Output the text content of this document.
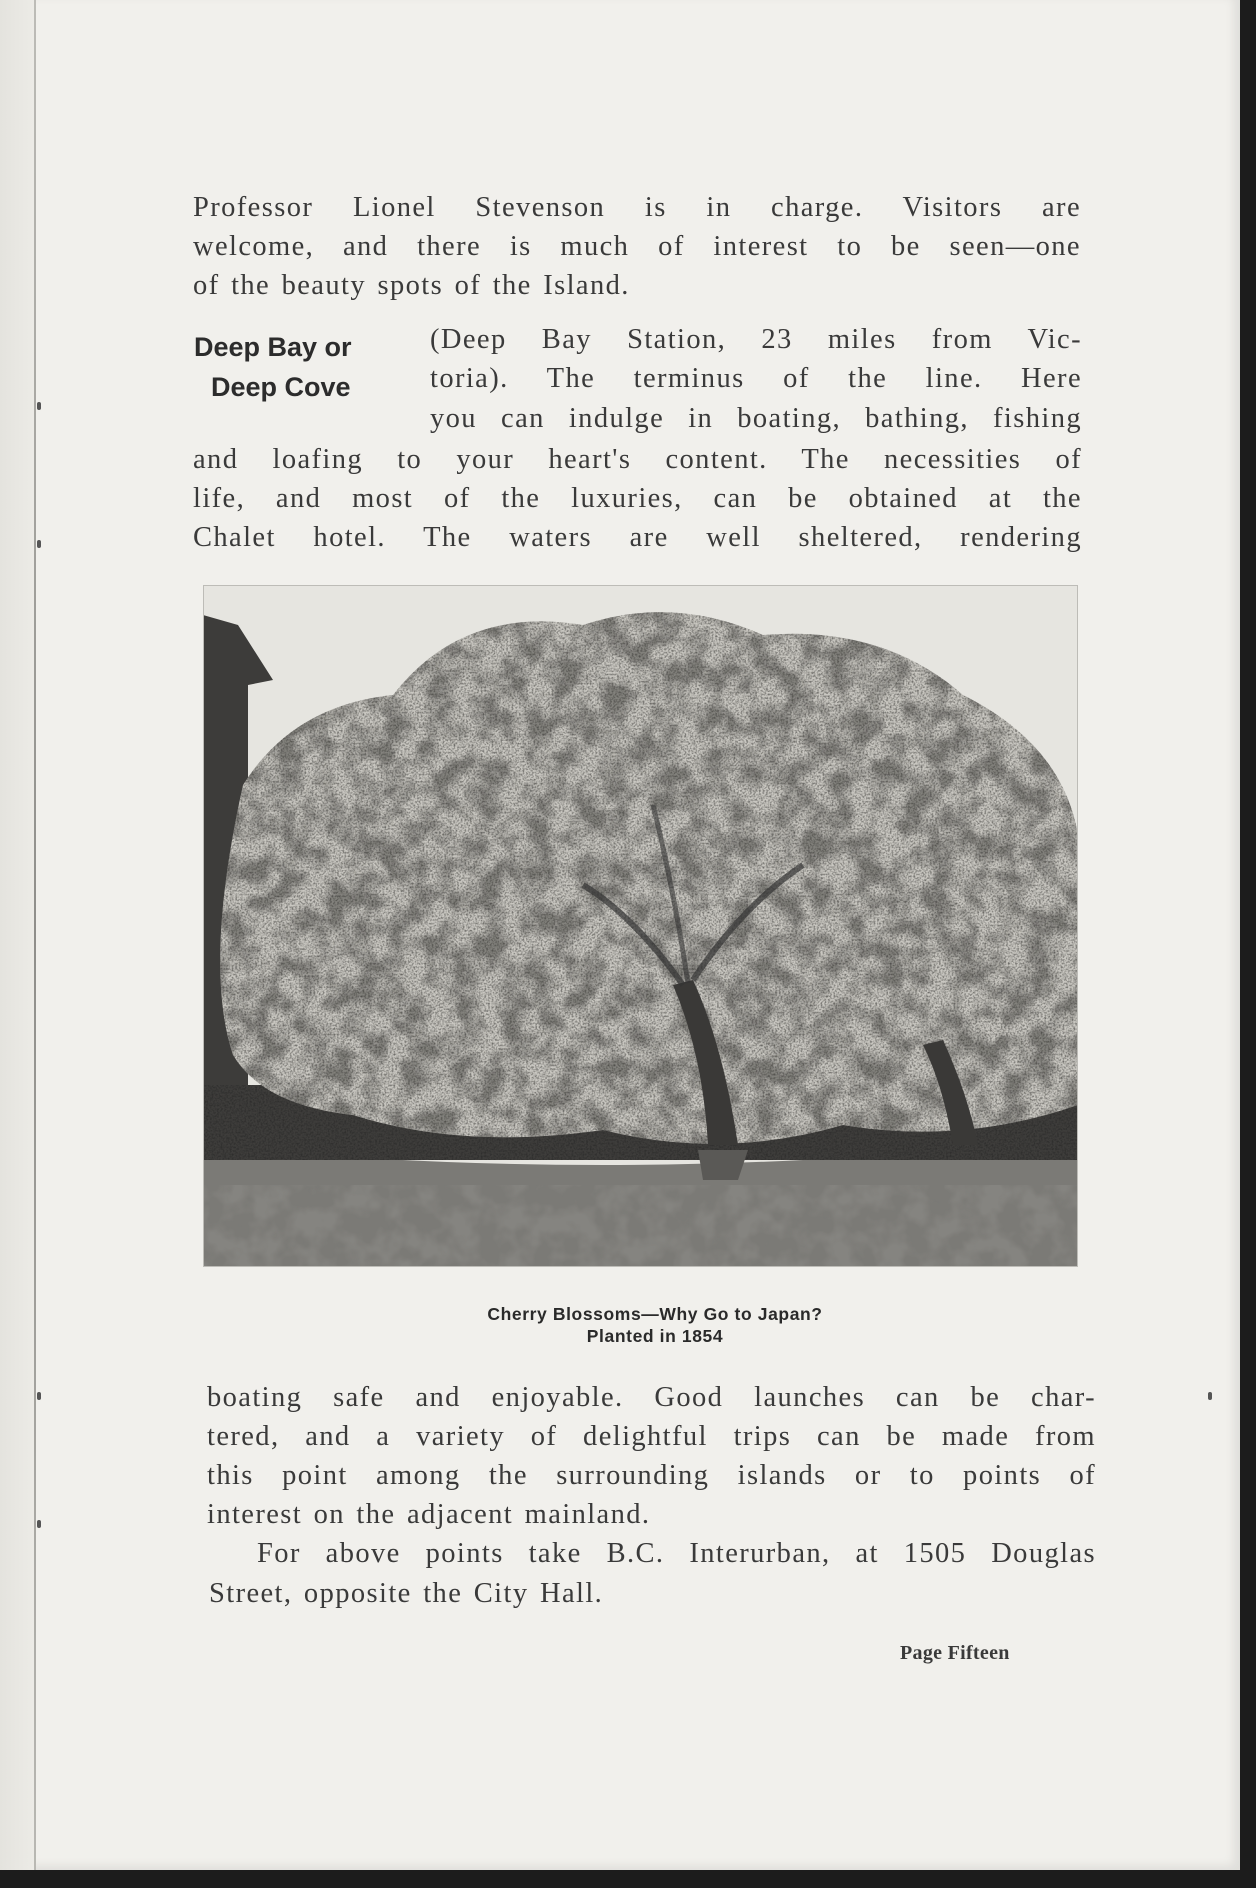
Professor Lionel Stevenson is in charge. Visitors are
welcome, and there is much of interest to be seen—one
of the beauty spots of the Island.
Deep Bay or
Deep Cove
(Deep Bay Station, 23 miles from Vic-
toria). The terminus of the line. Here
you can indulge in boating, bathing, fishing
and loafing to your heart's content. The necessities of
life, and most of the luxuries, can be obtained at the
Chalet hotel. The waters are well sheltered, rendering
Cherry Blossoms—Why Go to Japan?
Planted in 1854
boating safe and enjoyable. Good launches can be char-
tered, and a variety of delightful trips can be made from
this point among the surrounding islands or to points of
interest on the adjacent mainland.
For above points take B.C. Interurban, at 1505 Douglas
Street, opposite the City Hall.
Page Fifteen
